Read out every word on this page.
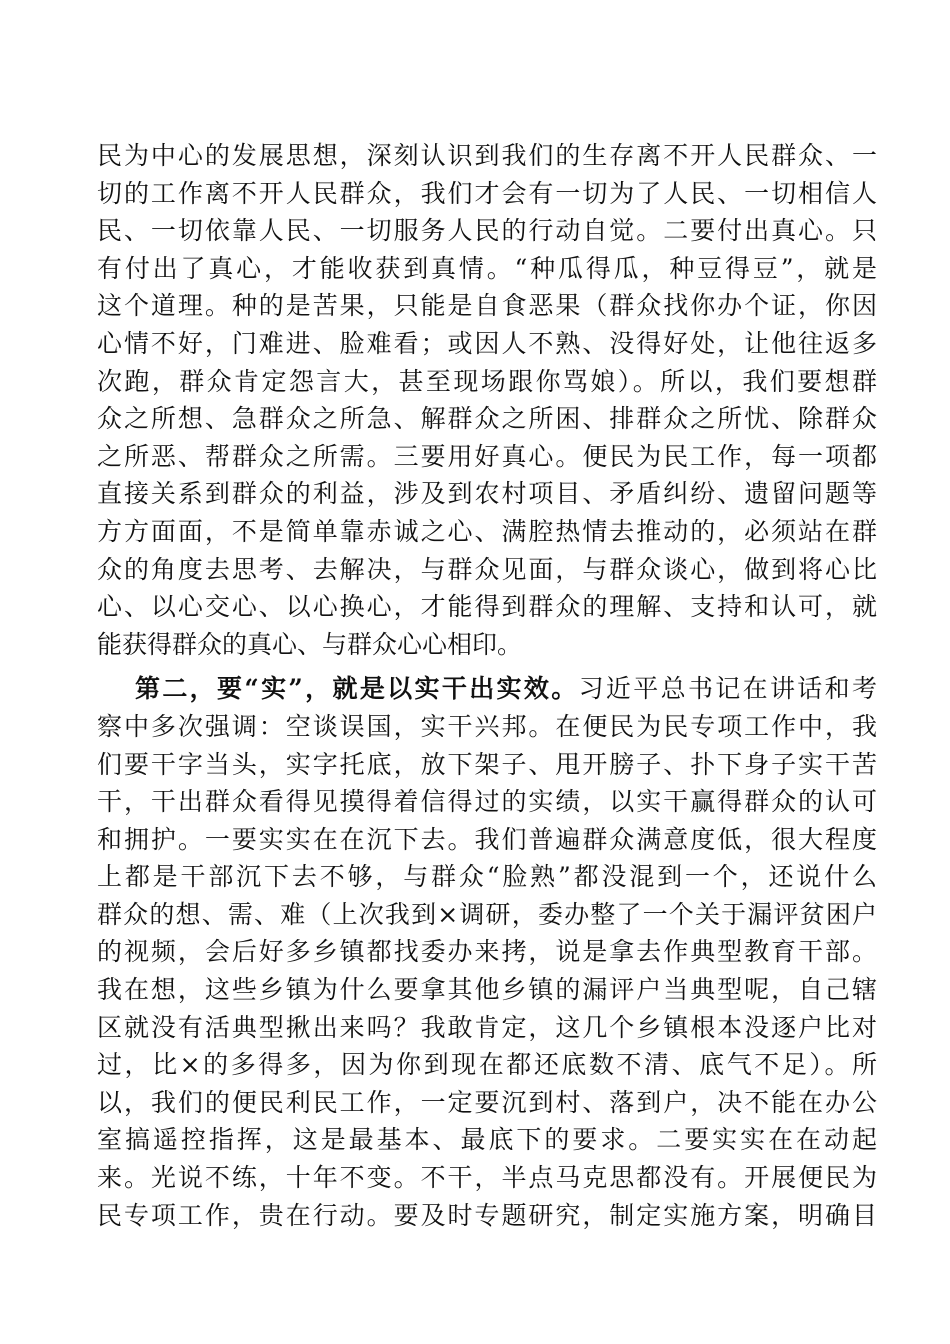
民为中心的发展思想，深刻认识到我们的生存离不开人民群众、一
切的工作离不开人民群众，我们才会有一切为了人民、一切相信人
民、一切依靠人民、一切服务人民的行动自觉。二要付出真心。只
有付出了真心，才能收获到真情。“种瓜得瓜，种豆得豆”，就是
这个道理。种的是苦果，只能是自食恶果（群众找你办个证，你因
心情不好，门难进、脸难看；或因人不熟、没得好处，让他往返多
次跑，群众肯定怨言大，甚至现场跟你骂娘）。所以，我们要想群
众之所想、急群众之所急、解群众之所困、排群众之所忧、除群众
之所恶、帮群众之所需。三要用好真心。便民为民工作，每一项都
直接关系到群众的利益，涉及到农村项目、矛盾纠纷、遗留问题等
方方面面，不是简单靠赤诚之心、满腔热情去推动的，必须站在群
众的角度去思考、去解决，与群众见面，与群众谈心，做到将心比
心、以心交心、以心换心，才能得到群众的理解、支持和认可，就
能获得群众的真心、与群众心心相印。
第二，要“实”，就是以实干出实效。习近平总书记在讲话和考
察中多次强调：空谈误国，实干兴邦。在便民为民专项工作中，我
们要干字当头，实字托底，放下架子、甩开膀子、扑下身子实干苦
干，干出群众看得见摸得着信得过的实绩，以实干赢得群众的认可
和拥护。一要实实在在沉下去。我们普遍群众满意度低，很大程度
上都是干部沉下去不够，与群众“脸熟”都没混到一个，还说什么
群众的想、需、难（上次我到×调研，委办整了一个关于漏评贫困户
的视频，会后好多乡镇都找委办来拷，说是拿去作典型教育干部。
我在想，这些乡镇为什么要拿其他乡镇的漏评户当典型呢，自己辖
区就没有活典型揪出来吗？我敢肯定，这几个乡镇根本没逐户比对
过，比×的多得多，因为你到现在都还底数不清、底气不足）。所
以，我们的便民利民工作，一定要沉到村、落到户，决不能在办公
室搞遥控指挥，这是最基本、最底下的要求。二要实实在在动起
来。光说不练，十年不变。不干，半点马克思都没有。开展便民为
民专项工作，贵在行动。要及时专题研究，制定实施方案，明确目
